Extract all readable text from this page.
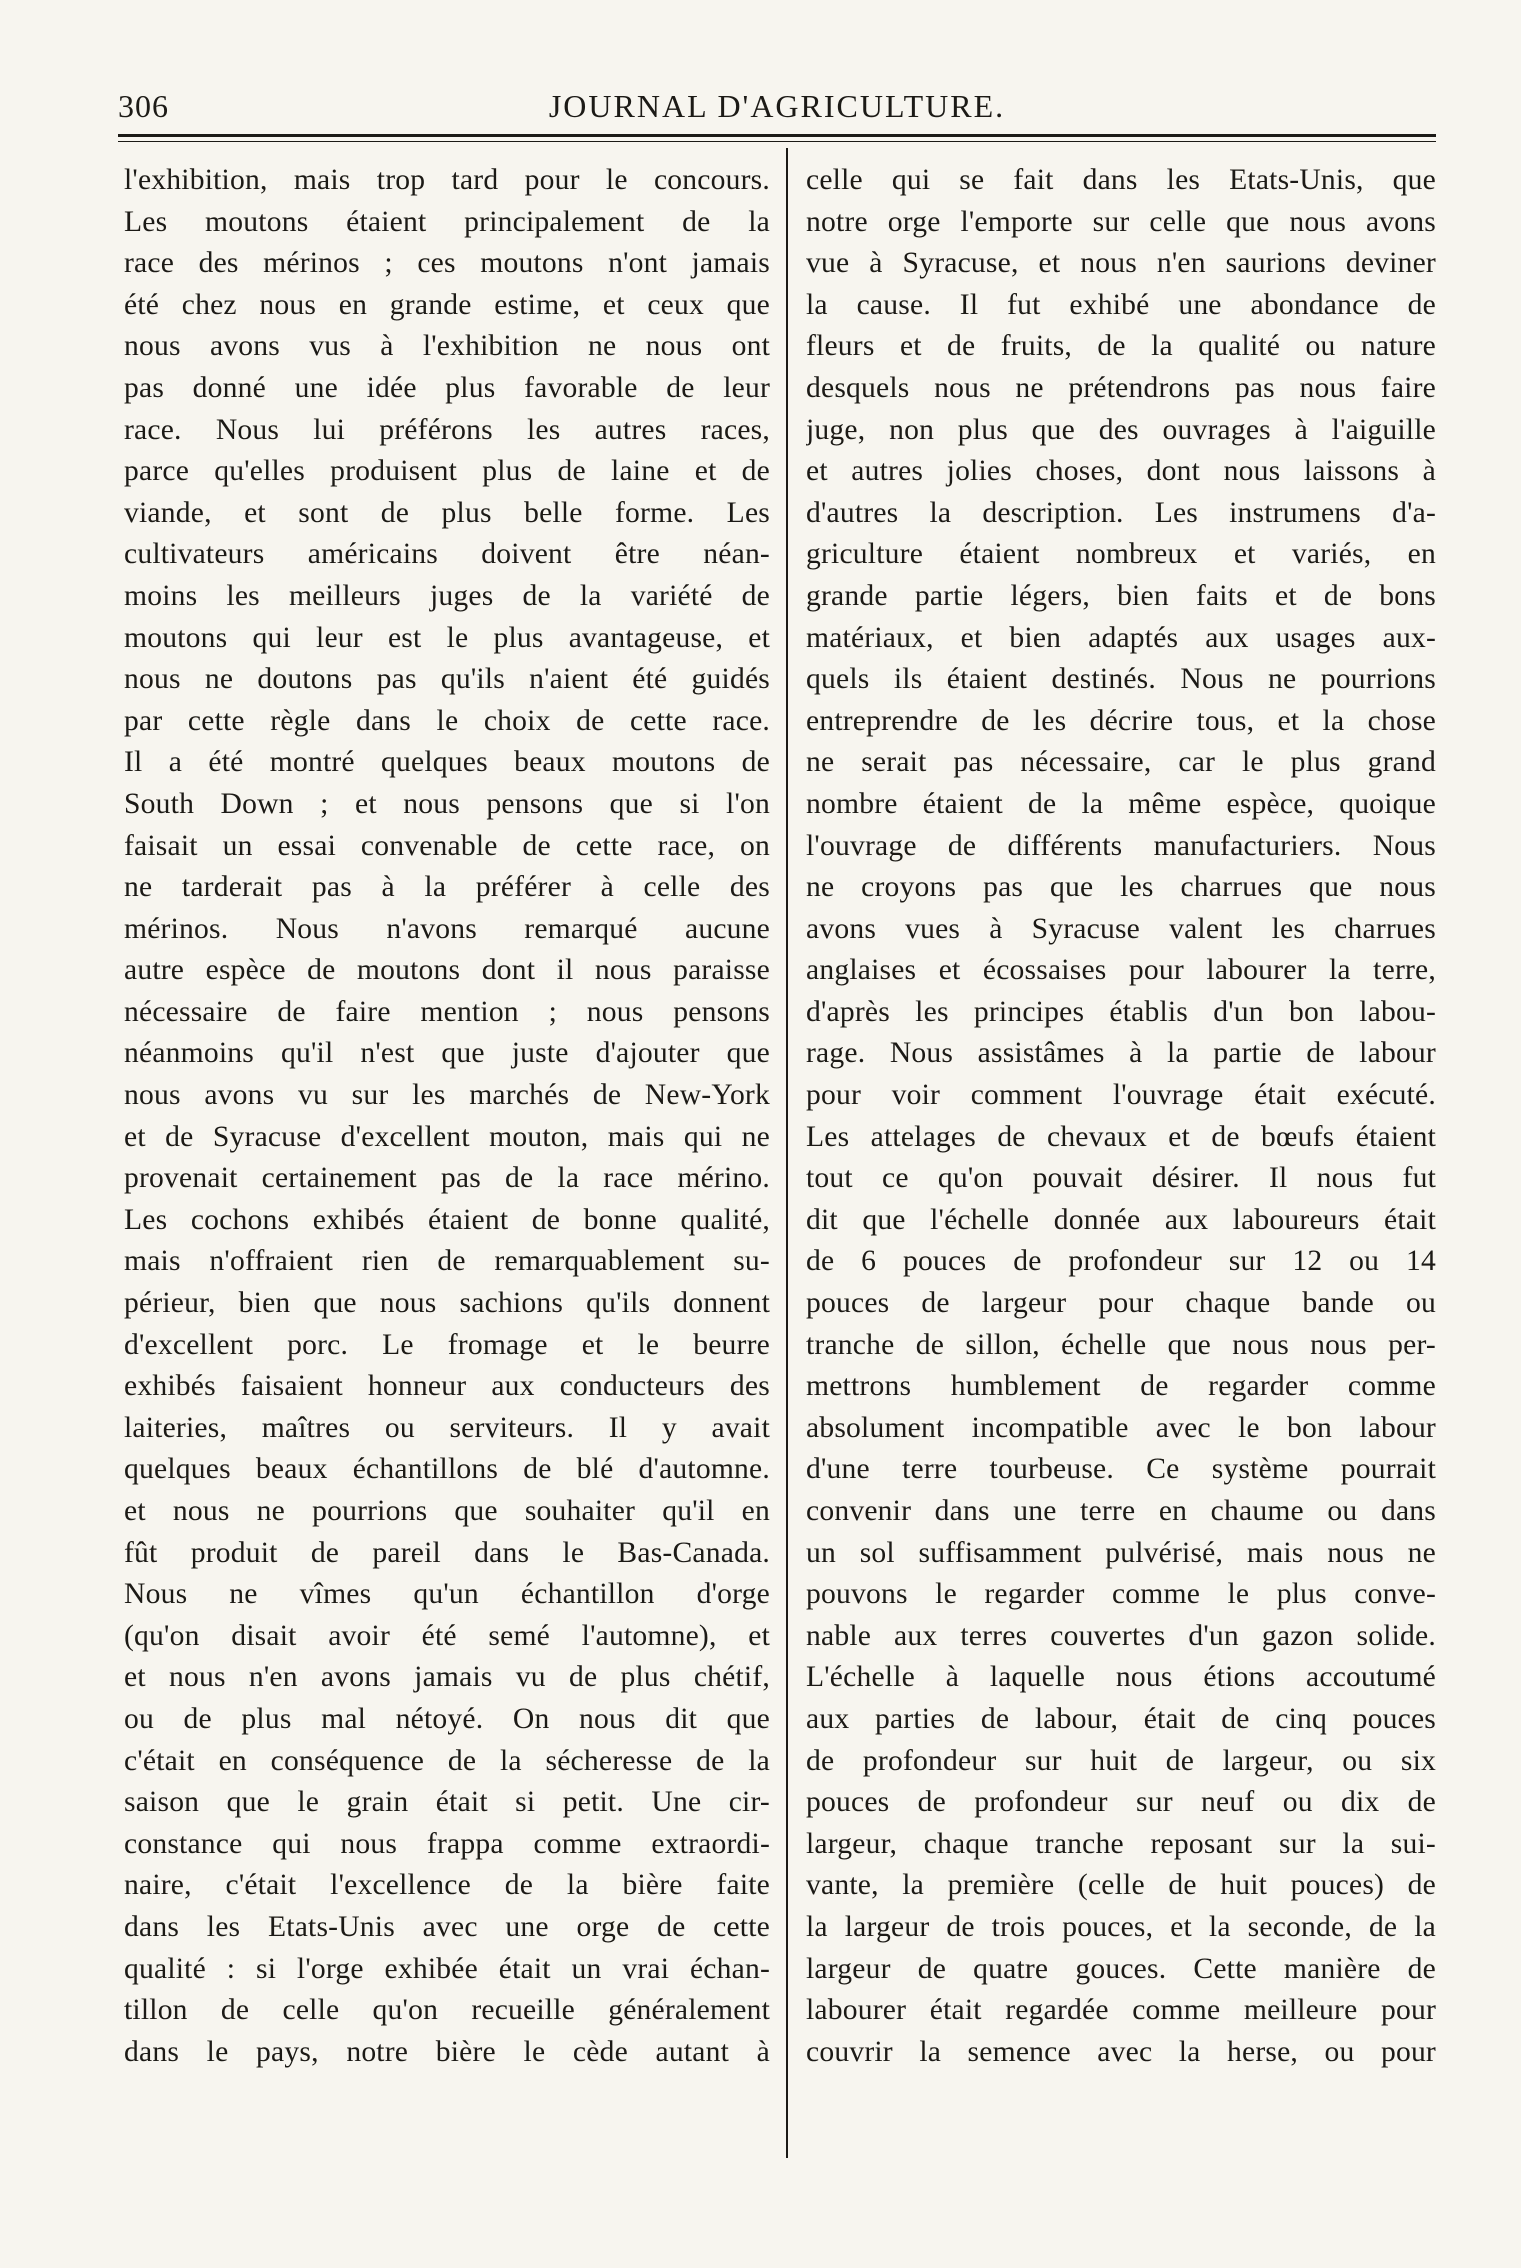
306	JOURNAL D'AGRICULTURE.
l'exhibition, mais trop tard pour le concours.
Les moutons étaient principalement de la
race des mérinos ; ces moutons n'ont jamais
été chez nous en grande estime, et ceux que
nous avons vus à l'exhibition ne nous ont
pas donné une idée plus favorable de leur
race. Nous lui préférons les autres races,
parce qu'elles produisent plus de laine et de
viande, et sont de plus belle forme. Les
cultivateurs américains doivent être néan-
moins les meilleurs juges de la variété de
moutons qui leur est le plus avantageuse, et
nous ne doutons pas qu'ils n'aient été guidés
par cette règle dans le choix de cette race.
Il a été montré quelques beaux moutons de
South Down ; et nous pensons que si l'on
faisait un essai convenable de cette race, on
ne tarderait pas à la préférer à celle des
mérinos. Nous n'avons remarqué aucune
autre espèce de moutons dont il nous paraisse
nécessaire de faire mention ; nous pensons
néanmoins qu'il n'est que juste d'ajouter que
nous avons vu sur les marchés de New-York
et de Syracuse d'excellent mouton, mais qui ne
provenait certainement pas de la race mérino.
Les cochons exhibés étaient de bonne qualité,
mais n'offraient rien de remarquablement su-
périeur, bien que nous sachions qu'ils donnent
d'excellent porc. Le fromage et le beurre
exhibés faisaient honneur aux conducteurs des
laiteries, maîtres ou serviteurs. Il y avait
quelques beaux échantillons de blé d'automne.
et nous ne pourrions que souhaiter qu'il en
fût produit de pareil dans le Bas-Canada.
Nous ne vîmes qu'un échantillon d'orge
(qu'on disait avoir été semé l'automne), et
et nous n'en avons jamais vu de plus chétif,
ou de plus mal nétoyé. On nous dit que
c'était en conséquence de la sécheresse de la
saison que le grain était si petit. Une cir-
constance qui nous frappa comme extraordi-
naire, c'était l'excellence de la bière faite
dans les Etats-Unis avec une orge de cette
qualité : si l'orge exhibée était un vrai échan-
tillon de celle qu'on recueille généralement
dans le pays, notre bière le cède autant à
celle qui se fait dans les Etats-Unis, que
notre orge l'emporte sur celle que nous avons
vue à Syracuse, et nous n'en saurions deviner
la cause. Il fut exhibé une abondance de
fleurs et de fruits, de la qualité ou nature
desquels nous ne prétendrons pas nous faire
juge, non plus que des ouvrages à l'aiguille
et autres jolies choses, dont nous laissons à
d'autres la description. Les instrumens d'a-
griculture étaient nombreux et variés, en
grande partie légers, bien faits et de bons
matériaux, et bien adaptés aux usages aux-
quels ils étaient destinés. Nous ne pourrions
entreprendre de les décrire tous, et la chose
ne serait pas nécessaire, car le plus grand
nombre étaient de la même espèce, quoique
l'ouvrage de différents manufacturiers. Nous
ne croyons pas que les charrues que nous
avons vues à Syracuse valent les charrues
anglaises et écossaises pour labourer la terre,
d'après les principes établis d'un bon labou-
rage. Nous assistâmes à la partie de labour
pour voir comment l'ouvrage était exécuté.
Les attelages de chevaux et de bœufs étaient
tout ce qu'on pouvait désirer. Il nous fut
dit que l'échelle donnée aux laboureurs était
de 6 pouces de profondeur sur 12 ou 14
pouces de largeur pour chaque bande ou
tranche de sillon, échelle que nous nous per-
mettrons humblement de regarder comme
absolument incompatible avec le bon labour
d'une terre tourbeuse. Ce système pourrait
convenir dans une terre en chaume ou dans
un sol suffisamment pulvérisé, mais nous ne
pouvons le regarder comme le plus conve-
nable aux terres couvertes d'un gazon solide.
L'échelle à laquelle nous étions accoutumé
aux parties de labour, était de cinq pouces
de profondeur sur huit de largeur, ou six
pouces de profondeur sur neuf ou dix de
largeur, chaque tranche reposant sur la sui-
vante, la première (celle de huit pouces) de
la largeur de trois pouces, et la seconde, de la
largeur de quatre gouces. Cette manière de
labourer était regardée comme meilleure pour
couvrir la semence avec la herse, ou pour
